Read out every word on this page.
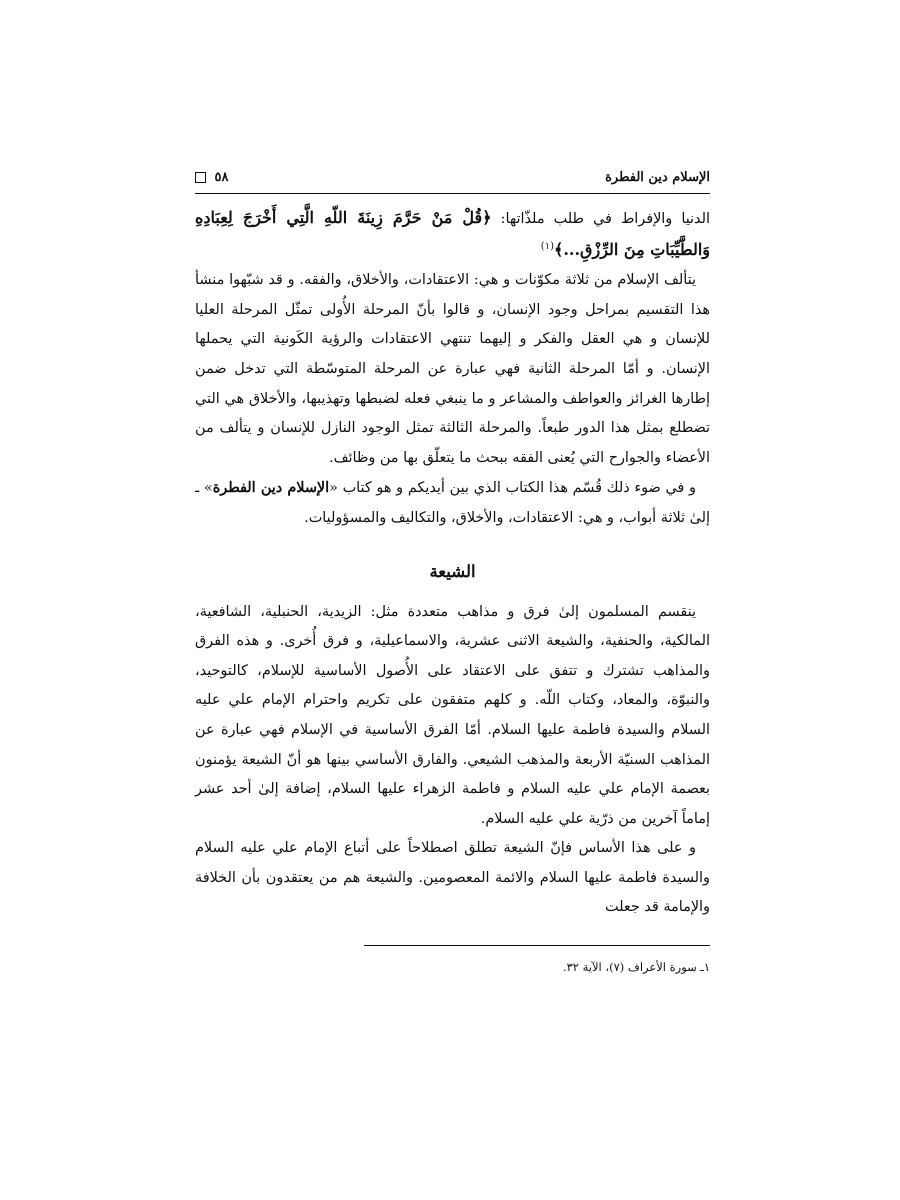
الإسلام دين الفطرة
٥٨

الدنيا والإفراط في طلب ملذّاتها: ﴿قُلْ مَنْ حَرَّمَ زِينَةَ اللّهِ الَّتِي أَخْرَجَ لِعِبَادِهِ وَالطَّيِّبَاتِ مِنَ الرِّزْقِ...﴾$^{(١)}$

يتألف الإسلام من ثلاثة مكوّنات و هي: الاعتقادات، والأخلاق، والفقه. و قد شبّهوا منشأ هذا التقسيم بمراحل وجود الإنسان، و قالوا بأنّ المرحلة الأُولى تمثّل المرحلة العليا للإنسان و هي العقل والفكر و إليهما تنتهي الاعتقادات والرؤية الكَونية التي يحملها الإنسان. و أمّا المرحلة الثانية فهي عبارة عن المرحلة المتوسّطة التي تدخل ضمن إطارها الغرائز والعواطف والمشاعر و ما ينبغي فعله لضبطها وتهذيبها، والأخلاق هي التي تضطلع بمثل هذا الدور طبعاً. والمرحلة الثالثة تمثل الوجود النازل للإنسان و يتألف من الأعضاء والجوارح التي يُعنى الفقه ببحث ما يتعلّق بها من وظائف.

و في ضوء ذلك قُسّم هذا الكتاب الذي بين أيديكم و هو كتاب «الإسلام دين الفطرة» ـ إلىٰ ثلاثة أبواب، و هي: الاعتقادات، والأخلاق، والتكاليف والمسؤوليات.

الشيعة

ينقسم المسلمون إلىٰ فرق و مذاهب متعددة مثل: الزيدية، الحنبلية، الشافعية، المالكية، والحنفية، والشيعة الاثنى عشرية، والاسماعيلية، و فرق أُخرى. و هذه الفرق والمذاهب تشترك و تتفق على الاعتقاد على الأُصول الأساسية للإسلام، كالتوحيد، والنبوّة، والمعاد، وكتاب اللّه. و كلهم متفقون على تكريم واحترام الإمام علي عليه السلام والسيدة فاطمة عليها السلام. أمّا الفرق الأساسية في الإسلام فهي عبارة عن المذاهب السنيّة الأربعة والمذهب الشيعي. والفارق الأساسي بينها هو أنّ الشيعة يؤمنون بعصمة الإمام علي عليه السلام و فاطمة الزهراء عليها السلام، إضافة إلىٰ أحد عشر إماماً آخرين من ذرّية علي عليه السلام.

و على هذا الأساس فإنّ الشيعة تطلق اصطلاحاً على أتباع الإمام علي عليه السلام والسيدة فاطمة عليها السلام والائمة المعصومين. والشيعة هم من يعتقدون بأن الخلافة والإمامة قد جعلت

١ـ سورة الأعراف (٧)، الآية ٣٢.
